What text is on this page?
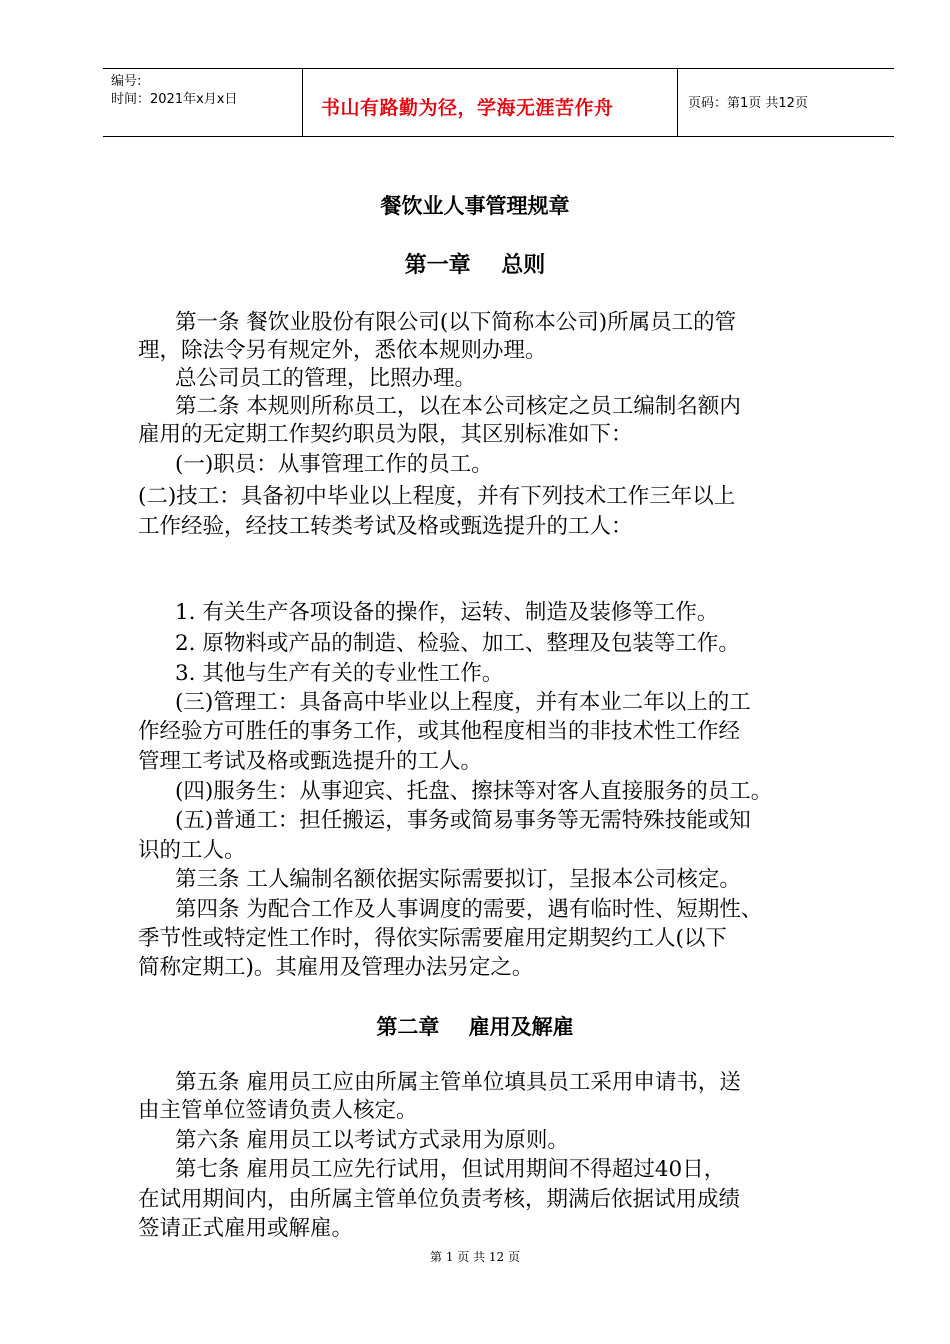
编号:
时间：2021年x月x日	书山有路勤为径，学海无涯苦作舟	页码：第1页 共12页
餐饮业人事管理规章
第一章    总则
第一条 餐饮业股份有限公司(以下简称本公司)所属员工的管
理，除法令另有规定外，悉依本规则办理。
总公司员工的管理，比照办理。
第二条 本规则所称员工，以在本公司核定之员工编制名额内
雇用的无定期工作契约职员为限，其区别标准如下：
(一)职员：从事管理工作的员工。
(二)技工：具备初中毕业以上程度，并有下列技术工作三年以上
工作经验，经技工转类考试及格或甄选提升的工人：
1. 有关生产各项设备的操作，运转、制造及装修等工作。
2. 原物料或产品的制造、检验、加工、整理及包装等工作。
3. 其他与生产有关的专业性工作。
(三)管理工：具备高中毕业以上程度，并有本业二年以上的工
作经验方可胜任的事务工作，或其他程度相当的非技术性工作经
管理工考试及格或甄选提升的工人。
(四)服务生：从事迎宾、托盘、擦抹等对客人直接服务的员工。
(五)普通工：担任搬运，事务或简易事务等无需特殊技能或知
识的工人。
第三条 工人编制名额依据实际需要拟订，呈报本公司核定。
第四条 为配合工作及人事调度的需要，遇有临时性、短期性、
季节性或特定性工作时，得依实际需要雇用定期契约工人(以下
简称定期工)。其雇用及管理办法另定之。
第二章    雇用及解雇
第五条 雇用员工应由所属主管单位填具员工采用申请书，送
由主管单位签请负责人核定。
第六条 雇用员工以考试方式录用为原则。
第七条 雇用员工应先行试用，但试用期间不得超过40日，
在试用期间内，由所属主管单位负责考核，期满后依据试用成绩
签请正式雇用或解雇。
第 1 页 共 12 页
